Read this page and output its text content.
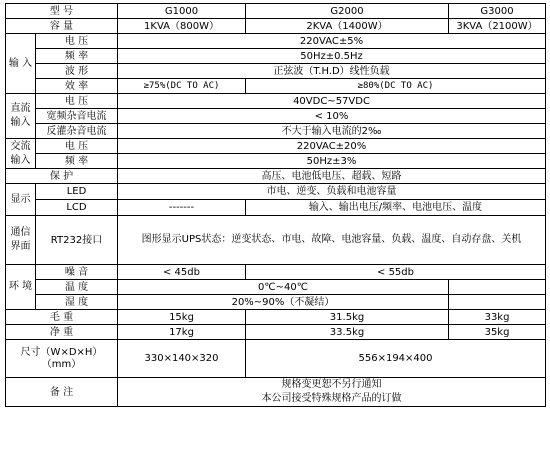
型 号		G1000	G2000	G3000
容 量		1KVA（800W）	2KVA（1400W）	3KVA（2100W）
输 入	电 压	220VAC±5%		
	频 率	50Hz±0.5Hz		
	波 形	正弦波（T.H.D）线性负载		
	效 率	≥75%(DC TO AC)	≥80%(DC TO AC)	
直流输入	电 压	40VDC~57VDC		
	宽频杂音电流	< 10%		
	反灌杂音电流	不大于输入电流的2‰		
交流输入	电 压	220VAC±20%		
	频 率	50Hz±3%		
保 护		高压、电池低电压、超载、短路		
显示	LED	市电、逆变、负载和电池容量		
	LCD	-------	输入、输出电压/频率、电池电压、温度	
通信界面	RT232接口	图形显示UPS状态：逆变状态、市电、故障、电池容量、负载、温度、自动存盘、关机		
环 境	噪 音	< 45db	< 55db	
	温 度	0℃~40℃		
	湿 度	20%~90%（不凝结）		
毛 重		15kg	31.5kg	33kg
净 重		17kg	33.5kg	35kg
尺寸（W×D×H）（mm）		330×140×320	556×194×400	
备 注		规格变更恕不另行通知
本公司接受特殊规格产品的订做		
